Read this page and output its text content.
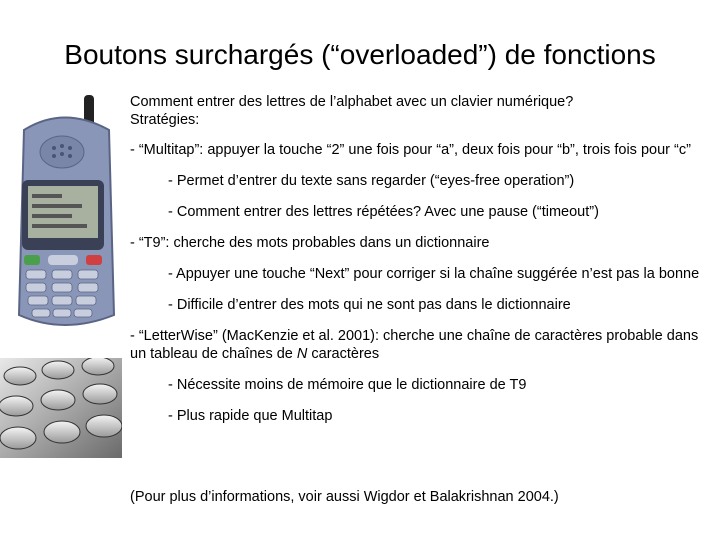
Boutons surchargés (“overloaded”) de fonctions
Comment entrer des lettres de l’alphabet avec un clavier numérique?
Stratégies:
- “Multitap”: appuyer la touche “2” une fois pour “a”, deux fois pour “b”, trois fois pour “c”
- Permet d’entrer du texte sans regarder (“eyes-free operation”)
- Comment entrer des lettres répétées? Avec une pause (“timeout”)
- “T9”: cherche des mots probables dans un dictionnaire
- Appuyer une touche “Next” pour corriger si la chaîne suggérée n’est pas la bonne
- Difficile d’entrer des mots qui ne sont pas dans le dictionnaire
- “LetterWise” (MacKenzie et al. 2001): cherche une chaîne de caractères probable dans un tableau de chaînes de N caractères
- Nécessite moins de mémoire que le dictionnaire de T9
- Plus rapide que Multitap
(Pour plus d’informations, voir aussi Wigdor et Balakrishnan 2004.)
